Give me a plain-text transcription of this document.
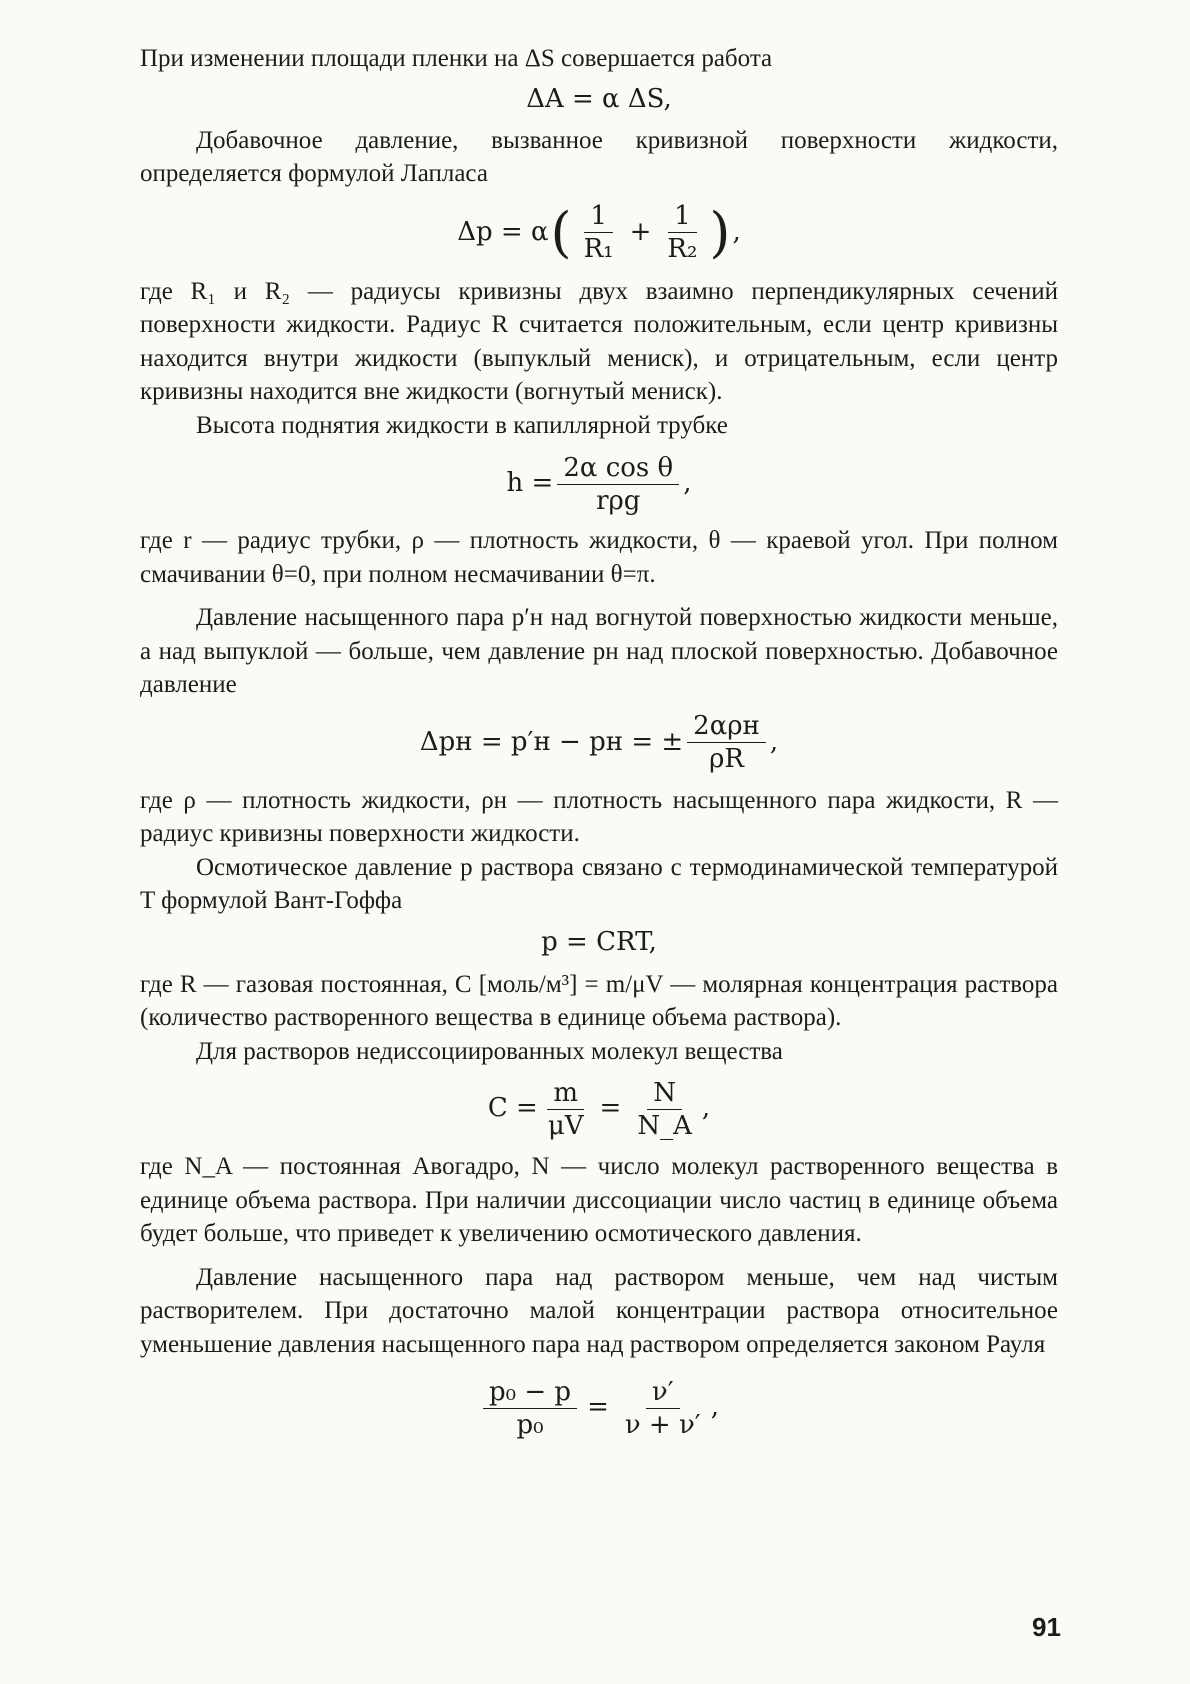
При изменении площади пленки на ΔS совершается работа

ΔA = α ΔS,

Добавочное давление, вызванное кривизной поверхности жидкости, определяется формулой Лапласа

Δp = α ( $\frac{1}{\text{R₁}} + \frac{1}{\text{R₂}}$ ) ,

где R₁ и R₂ — радиусы кривизны двух взаимно перпендикулярных сечений поверхности жидкости. Радиус R считается положительным, если центр кривизны находится внутри жидкости (выпуклый мениск), и отрицательным, если центр кривизны находится вне жидкости (вогнутый мениск).

Высота поднятия жидкости в капиллярной трубке

$h = \frac{\text{2α cos θ}}{\text{rρg}}$ ,

где r — радиус трубки, ρ — плотность жидкости, θ — краевой угол. При полном смачивании θ=0, при полном несмачивании θ=π.

Давление насыщенного пара p′н над вогнутой поверхностью жидкости меньше, а над выпуклой — больше, чем давление pн над плоской поверхностью. Добавочное давление

Δpн = p′н − pн = ± $\frac{\text{2αρн}}{\rho R}$ ,

где ρ — плотность жидкости, ρн — плотность насыщенного пара жидкости, R — радиус кривизны поверхности жидкости.

Осмотическое давление p раствора связано с термодинамической температурой T формулой Вант-Гоффа

p = CRT,

где R — газовая постоянная, C [моль/м³] = m/μV — молярная концентрация раствора (количество растворенного вещества в единице объема раствора).

Для растворов недиссоциированных молекул вещества

$C = \frac{m}{\mu V} = \frac{N}{N\_A}$ ,

где N_A — постоянная Авогадро, N — число молекул растворенного вещества в единице объема раствора. При наличии диссоциации число частиц в единице объема будет больше, что приведет к увеличению осмотического давления.

Давление насыщенного пара над раствором меньше, чем над чистым растворителем. При достаточно малой концентрации раствора относительное уменьшение давления насыщенного пара над раствором определяется законом Рауля

$\frac{\text{p₀ − p}}{\text{p₀}} = \frac{\nu'}{\nu + \nu'}$ ,
91
